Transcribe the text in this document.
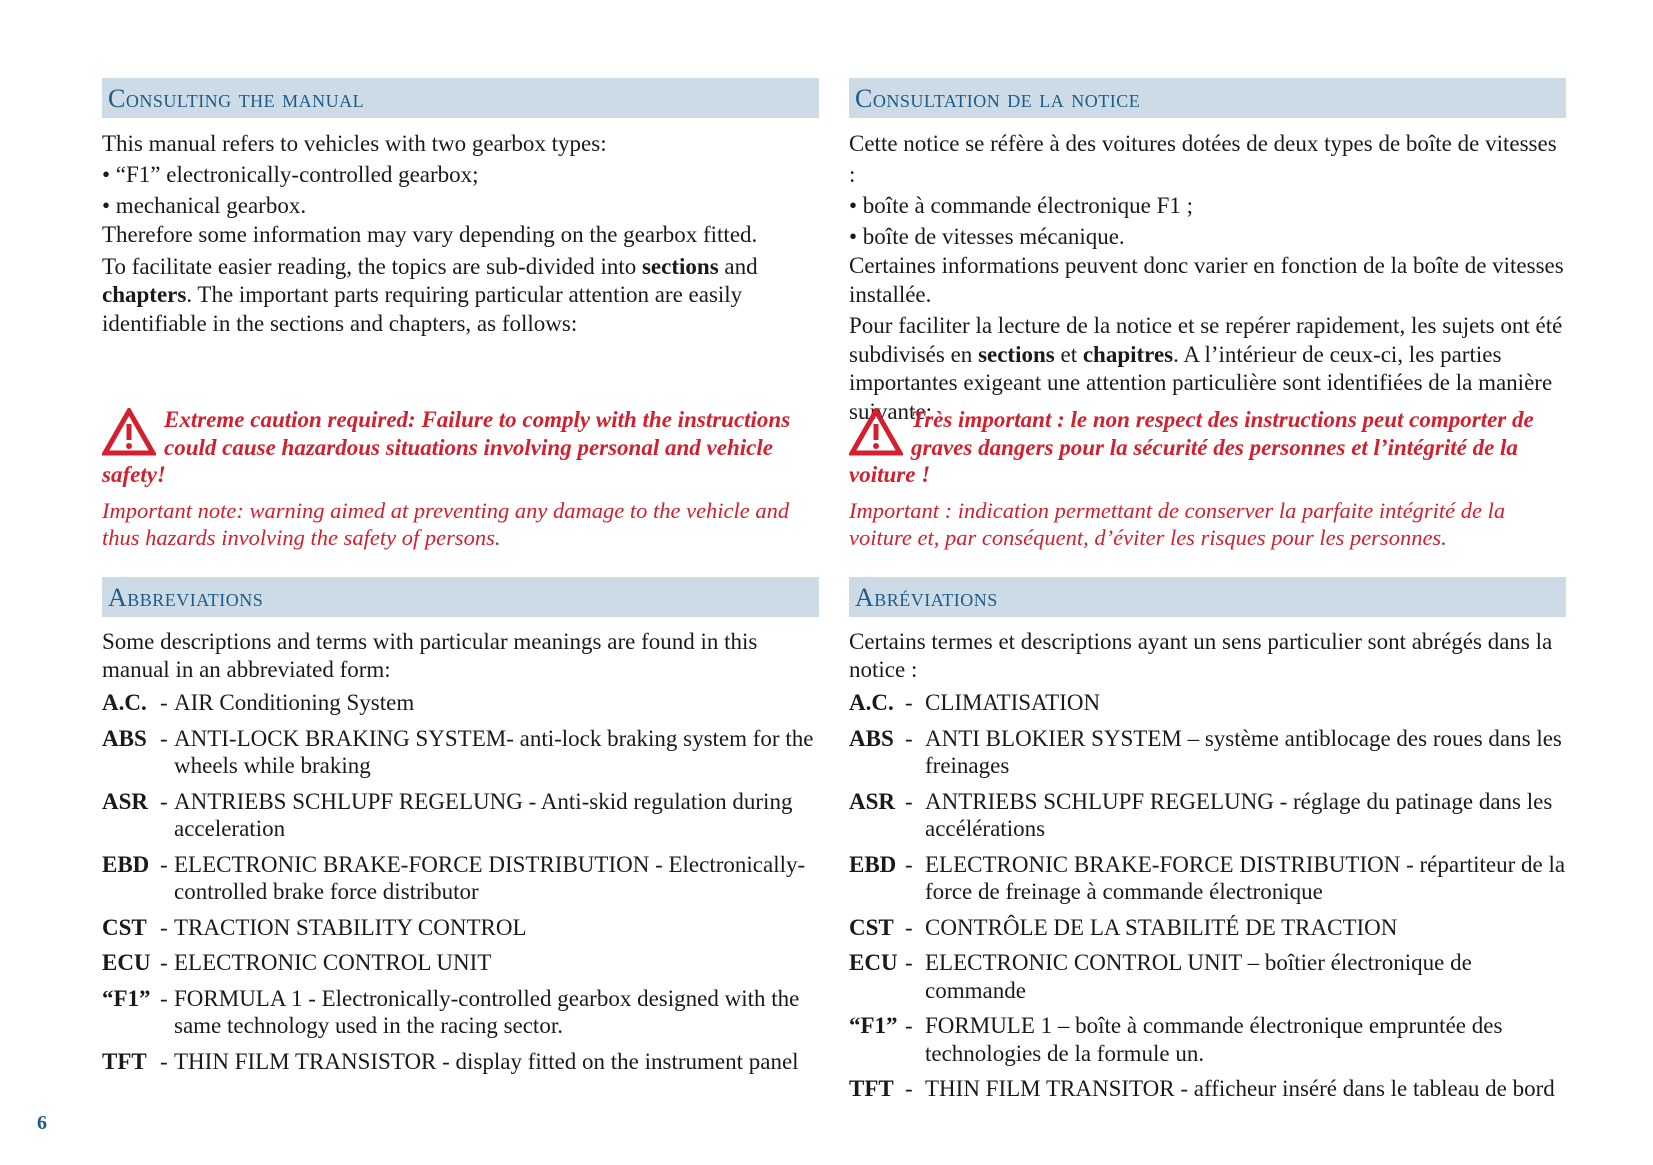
Consulting the manual

This manual refers to vehicles with two gearbox types:

• “F1” electronically-controlled gearbox;

• mechanical gearbox.

Therefore some information may vary depending on the gearbox fitted.

To facilitate easier reading, the topics are sub-divided into sections and chapters. The important parts requiring particular attention are easily identifiable in the sections and chapters, as follows:

Extreme caution required: Failure to comply with the instructions could cause hazardous situations involving personal and vehicle safety!
Important note: warning aimed at preventing any damage to the vehicle and thus hazards involving the safety of persons.
Abbreviations

Some descriptions and terms with particular meanings are found in this manual in an abbreviated form:

A.C. - AIR Conditioning System
ABS - ANTI-LOCK BRAKING SYSTEM- anti-lock braking system for the wheels while braking
ASR - ANTRIEBS SCHLUPF REGELUNG - Anti-skid regulation during acceleration
EBD - ELECTRONIC BRAKE-FORCE DISTRIBUTION - Electronically-controlled brake force distributor
CST - TRACTION STABILITY CONTROL
ECU - ELECTRONIC CONTROL UNIT
“F1” - FORMULA 1 - Electronically-controlled gearbox designed with the same technology used in the racing sector.
TFT - THIN FILM TRANSISTOR - display fitted on the instrument panel
Consultation de la notice

Cette notice se réfère à des voitures dotées de deux types de boîte de vitesses :

• boîte à commande électronique F1 ;

• boîte de vitesses mécanique.

Certaines informations peuvent donc varier en fonction de la boîte de vitesses installée.

Pour faciliter la lecture de la notice et se repérer rapidement, les sujets ont été subdivisés en sections et chapitres. A l’intérieur de ceux-ci, les parties importantes exigeant une attention particulière sont identifiées de la manière suivante:

Très important : le non respect des instructions peut comporter de graves dangers pour la sécurité des personnes et l’intégrité de la voiture !
Important : indication permettant de conserver la parfaite intégrité de la voiture et, par conséquent, d’éviter les risques pour les personnes.
Abréviations

Certains termes et descriptions ayant un sens particulier sont abrégés dans la notice :

A.C. - CLIMATISATION
ABS - ANTI BLOKIER SYSTEM – système antiblocage des roues dans les freinages
ASR - ANTRIEBS SCHLUPF REGELUNG - réglage du patinage dans les accélérations
EBD - ELECTRONIC BRAKE-FORCE DISTRIBUTION - répartiteur de la force de freinage à commande électronique
CST - CONTRÔLE DE LA STABILITÉ DE TRACTION
ECU - ELECTRONIC CONTROL UNIT – boîtier électronique de commande
“F1” - FORMULE 1 – boîte à commande électronique empruntée des technologies de la formule un.
TFT - THIN FILM TRANSITOR - afficheur inséré dans le tableau de bord
6
